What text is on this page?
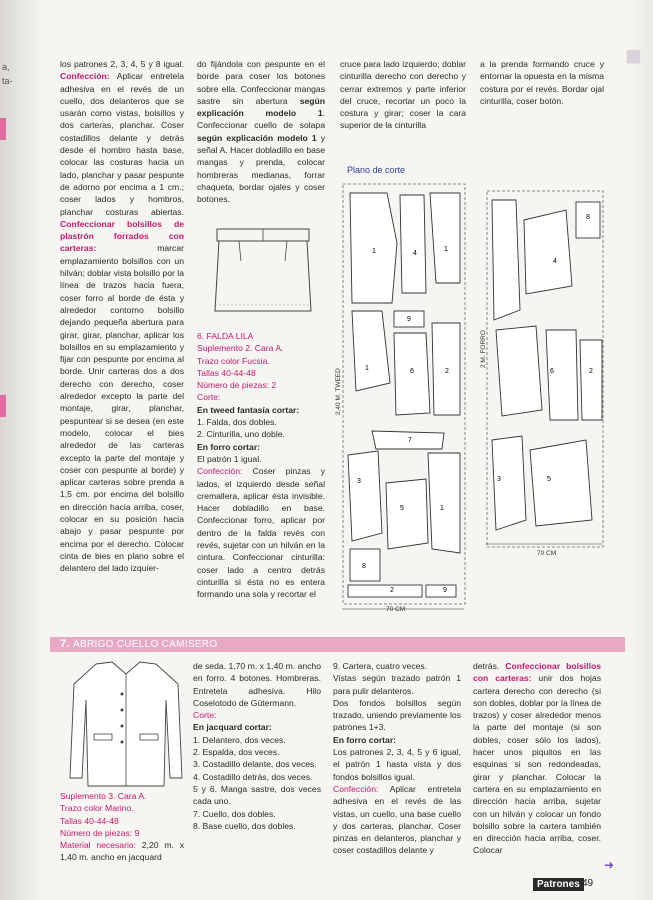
a,
ta-
■
los patrones 2, 3, 4, 5 y 8 igual. Confección: Aplicar entretela adhesiva en el revés de un cuello, dos delanteros que se usarán como vistas, bolsillos y dos carteras, planchar. Coser costadillos delante y detrás desde el hombro hasta base, colocar las costuras hacia un lado, planchar y pasar pespunte de adorno por encima a 1 cm.; coser lados y hombros, planchar costuras abiertas. Confeccionar bolsillos de plastrón forrados con carteras: marcar emplazamiento bolsillos con un hilván; doblar vista bolsillo por la línea de trazos hacia fuera, coser forro al borde de ésta y alrededor contorno bolsillo dejando pequeña abertura para girar, girar, planchar, aplicar los bolsillos en su emplazamiento y fijar con pespunte por encima al borde. Unir carteras dos a dos derecho con derecho, coser alrededor excepto la parte del montaje, girar, planchar, pespuntear si se desea (en este modelo, colocar el bies alrededor de las carteras excepto la parte del montaje y coser con pespunte al borde) y aplicar carteras sobre prenda a 1,5 cm. por encima del bolsillo en dirección hacia arriba, coser, colocar en su posición hacia abajo y pasar pespunte por encima por el derecho. Colocar cinta de bies en plano sobre el delantero del lado izquier-
do fijándola con pespunte en el borde para coser los botones sobre ella. Confeccionar mangas sastre sin abertura según explicación modelo 1. Confeccionar cuello de solapa según explicación modelo 1 y señal A. Hacer dobladillo en base mangas y prenda, colocar hombreras medianas, forrar chaqueta, bordar ojales y coser botones.
6. FALDA LILA
Suplemento 2. Cara A.
Trazo color Fucsia.
Tallas 40-44-48
Número de piezas: 2
Corte:
En tweed fantasía cortar:
1. Falda, dos dobles.
2. Cinturilla, uno doble.
En forro cortar:
El patrón 1 igual.
Confección: Coser pinzas y lados, el izquierdo desde señal cremallera, aplicar ésta invisible. Hacer dobladillo en base. Confeccionar forro, aplicar por dentro de la falda revés con revés, sujetar con un hilván en la cintura. Confeccionar cinturilla: coser lado a centro detrás cinturilla si ésta no es entera formando una sola y recortar el
cruce para lado izquierdo; doblar cinturilla derecho con derecho y cerrar extremos y parte inferior del cruce, recortar un poco la costura y girar; coser la cara superior de la cinturilla
a la prenda formando cruce y entornar la opuesta en la misma costura por el revés. Bordar ojal cinturilla, coser botón.
Plano de corte
2,40 M. TWEED
70 CM
2 M. FORRO
70 CM
1	4
1
9
1	6	2
7
3
5	1
8
2	9
8
4
6	2
3	5
7. ABRIGO CUELLO CAMISERO
Suplemento 3. Cara A.
Trazo color Marino.
Tallas 40-44-48
Número de piezas: 9
Material necesario: 2,20 m. x 1,40 m. ancho en jacquard
de seda. 1,70 m. x 1,40 m. ancho en forro. 4 botones. Hombreras. Entretela adhesiva. Hilo Coselotodo de Gütermann.
Corte:
En jacquard cortar:
1. Delantero, dos veces.
2. Espalda, dos veces.
3. Costadillo delante, dos veces.
4. Costadillo detrás, dos veces.
5 y 6. Manga sastre, dos veces cada uno.
7. Cuello, dos dobles.
8. Base cuello, dos dobles.
9. Cartera, cuatro veces.
Vistas según trazado patrón 1 para pulir delanteros.
Dos fondos bolsillos según trazado, uniendo previamente los patrones 1+3.
En forro cortar:
Los patrones 2, 3, 4, 5 y 6 igual, el patrón 1 hasta vista y dos fondos bolsillos igual.
Confección: Aplicar entretela adhesiva en el revés de las vistas, un cuello, una base cuello y dos carteras, planchar. Coser pinzas en delanteros, planchar y coser costadillos delante y
detrás. Confeccionar bolsillos con carteras: unir dos hojas cartera derecho con derecho (si son dobles, doblar por la línea de trazos) y coser alrededor menos la parte del montaje (si son dobles, coser sólo los lados), hacer unos piquitos en las esquinas si son redondeadas, girar y planchar. Colocar la cartera en su emplazamiento en dirección hacia arriba, sujetar con un hilván y colocar un fondo bolsillo sobre la cartera también en dirección hacia arriba, coser. Colocar
➜
Patrones 49
